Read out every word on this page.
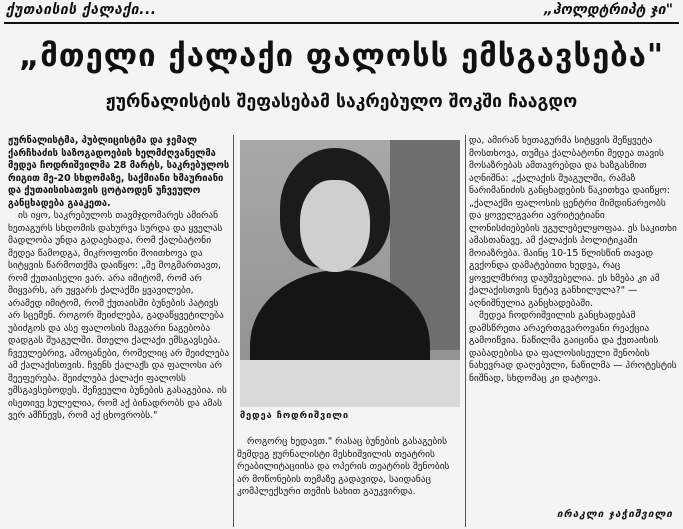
ქუთაისის ქალაქი...	„ჰოლდტრიპტ ჯი"
„მთელი ქალაქი ფალოსს ემსგავსება"
ჟურნალისტის შეფასებამ საკრებულო შოკში ჩააგდო

ჟურნალისტმა, პუბლიცისტმა და ჯემალ ქარჩხაძის საზოგადოების ხელმძღვანელმა მედეა ჩოდრიშვილმა 28 მარტს, საკრებულოს რიგით მე-20 სხდომაზე, საქმიანი ხმაურიანი და ქუთაისისათვის ცოტაოდენ უჩვეულო განცხადება გააკეთა.

ის იყო, საკრებულოს თავმჯდომარეს ამირან ხეთაგურს სხდომის დახურვა სურდა და ყველას მადლობა უნდა გადაეხადა, რომ ქალბატონი მედეა წამოდგა, მიკროფონი მოითხოვა და სიტყვის წარმოთქმა დაიწყო: „მე მოგმართავთ, რომ ქუთაისელი ვარ. არა იმიტომ, რომ არ მიყვარს, არ უყვარს ქალაქში ყვავილები, არამედ იმიტომ, რომ ქუთაისში ბუნების პატივს არ სცემენ. როგორ შეიძლება, გადაწყვეტილება უბიძგოს და ასე ფალოსის მაგვარი ნაგებობა დადგას შუაგულში. მთელი ქალაქი ემსგავსება. ჩვეულებრივ, ამოცანები, რომელიც არ შეიძლება ამ ქალაქისთვის. ჩვენს ქალაქს და ფალოსი არ შეეფერება. შეიძლება ქალაქი ფალოსს ემსგავსებოდეს. შეჩვეული ბუნების გასაგებია. ის ისეთივე სულელია, რომ აქ ბინადრობს და ამას ვერ ამჩნევს, რომ აქ ცხოვრობს."	მედეა ჩოდრიშვილი

როგორც ხედავთ." რასაც ბუნების გასაგების შემდეგ ჟურნალისტი მესხიშვილის თეატრის რეაბილიტაციისა და ოპერის თეატრის შენობის არ მოწონების თემაზე გადავიდა, საიდანაც კომპლექსური თემის სახით გაუკვირდა.

და, ამირან ხეთაგურმა სიტყვის შეწყვეტა მოსთხოვა, თუმცა ქალბატონი მედეა თავის მოსაზრებას ამთავრებდა და ხაზგასმით აღნიშნა: „ქალაქის შუაგულში, რამაზ ნარიმანიძის განცხადების წაკითხვა დაიწყო: „ქალაქში ფალოსის ცენტრი მიმდინარეობს და ყოველგვარი ავრიტეტიანი ლონისძიებების უგულებელყოფაა. ეს საკითხი ამასთანავე, ამ ქალაქის პოლიტიკაში მოიაზრება. მაინც 10-15 წლისწინ თავად გვქონდა დამატებითი ხედვა, რაც ყოველმხრივ დაუშვებელია. ეს ხმება კი ამ ქალაქისთვის ნეტავ განხილულა?" — აღნიშნულია განცხადებაში.

მედეა ჩოდრიშვილის განცხადებამ დამსწრეთა არაერთგვაროვანი რეაქცია გამოიწვია. ნაწილმა გაიცინა და ქუთაისის დაბადებისა და ფალოსისეული შენობის ნახევრად დაღებული, ნაწილმა — პროტესტის ნიშნად, სხდომაც კი დატოვა.

ირაკლი ჯაჭიშვილი
